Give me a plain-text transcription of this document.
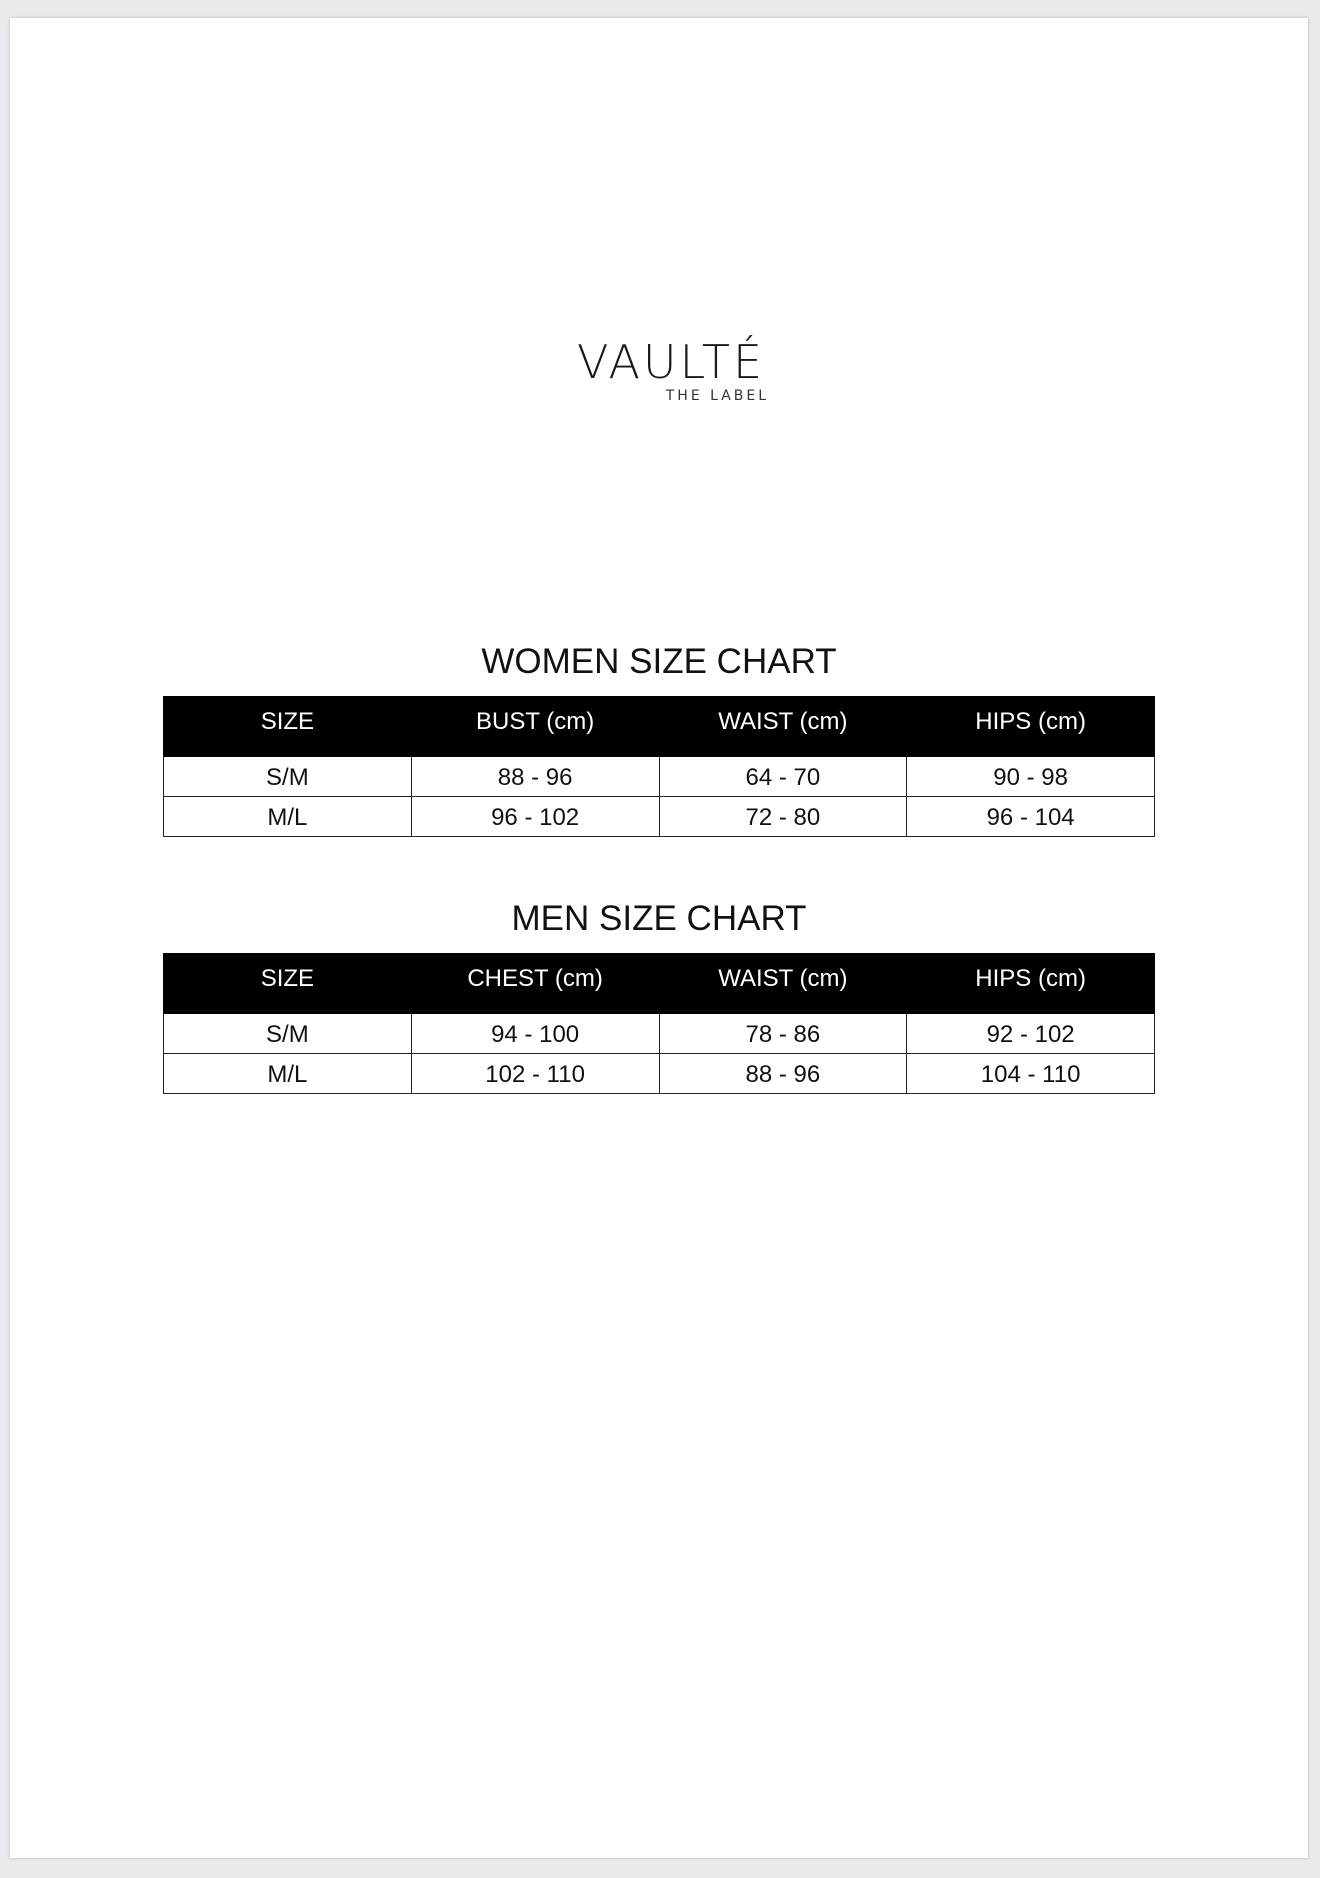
VAULTÉ
THE LABEL
WOMEN SIZE CHART
SIZE	BUST (cm)	WAIST (cm)	HIPS (cm)
S/M	88 - 96	64 - 70	90 - 98
M/L	96 - 102	72 - 80	96 - 104
MEN SIZE CHART
SIZE	CHEST (cm)	WAIST (cm)	HIPS (cm)
S/M	94 - 100	78 - 86	92 - 102
M/L	102 - 110	88 - 96	104 - 110
